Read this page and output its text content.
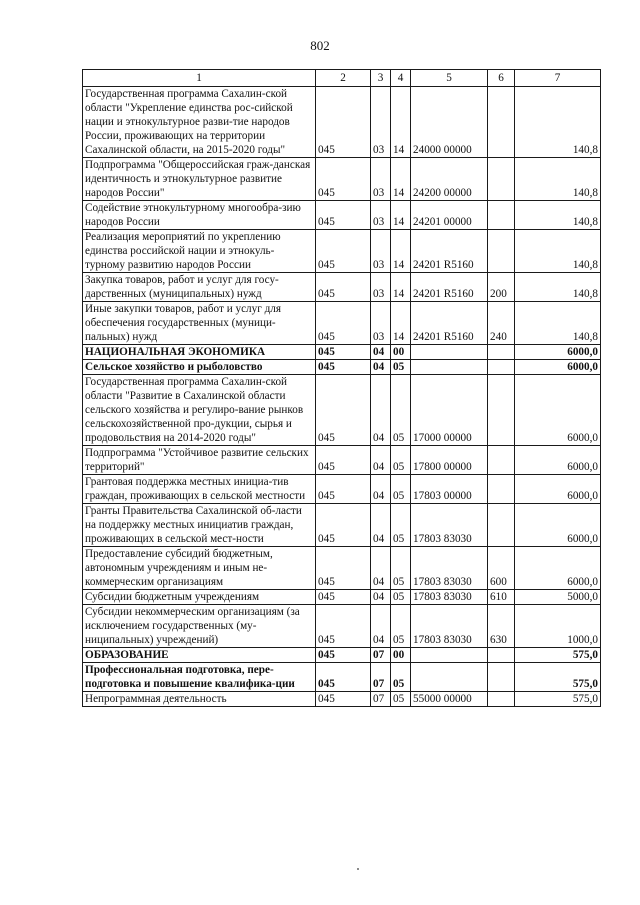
802
1	2	3	4	5	6	7
Государственная программа Сахалин-ской области "Укрепление единства рос-сийской нации и этнокультурное разви-тие народов России, проживающих на территории Сахалинской области, на 2015-2020 годы"	045	03	14	24000 00000		140,8
Подпрограмма "Общероссийская граж-данская идентичность и этнокультурное развитие народов России"	045	03	14	24200 00000		140,8
Содействие этнокультурному многообра-зию народов России	045	03	14	24201 00000		140,8
Реализация мероприятий по укреплению единства российской нации и этнокуль-турному развитию народов России	045	03	14	24201 R5160		140,8
Закупка товаров, работ и услуг для госу-дарственных (муниципальных) нужд	045	03	14	24201 R5160	200	140,8
Иные закупки товаров, работ и услуг для обеспечения государственных (муници-пальных) нужд	045	03	14	24201 R5160	240	140,8
НАЦИОНАЛЬНАЯ ЭКОНОМИКА	045	04	00			6000,0
Сельское хозяйство и рыболовство	045	04	05			6000,0
Государственная программа Сахалин-ской области "Развитие в Сахалинской области сельского хозяйства и регулиро-вание рынков сельскохозяйственной про-дукции, сырья и продовольствия на 2014-2020 годы"	045	04	05	17000 00000		6000,0
Подпрограмма "Устойчивое развитие сельских территорий"	045	04	05	17800 00000		6000,0
Грантовая поддержка местных инициа-тив граждан, проживающих в сельской местности	045	04	05	17803 00000		6000,0
Гранты Правительства Сахалинской об-ласти на поддержку местных инициатив граждан, проживающих в сельской мест-ности	045	04	05	17803 83030		6000,0
Предоставление субсидий бюджетным, автономным учреждениям и иным не-коммерческим организациям	045	04	05	17803 83030	600	6000,0
Субсидии бюджетным учреждениям	045	04	05	17803 83030	610	5000,0
Субсидии некоммерческим организациям (за исключением государственных (му-ниципальных) учреждений)	045	04	05	17803 83030	630	1000,0
ОБРАЗОВАНИЕ	045	07	00			575,0
Профессиональная подготовка, пере-подготовка и повышение квалифика-ции	045	07	05			575,0
Непрограммная деятельность	045	07	05	55000 00000		575,0
